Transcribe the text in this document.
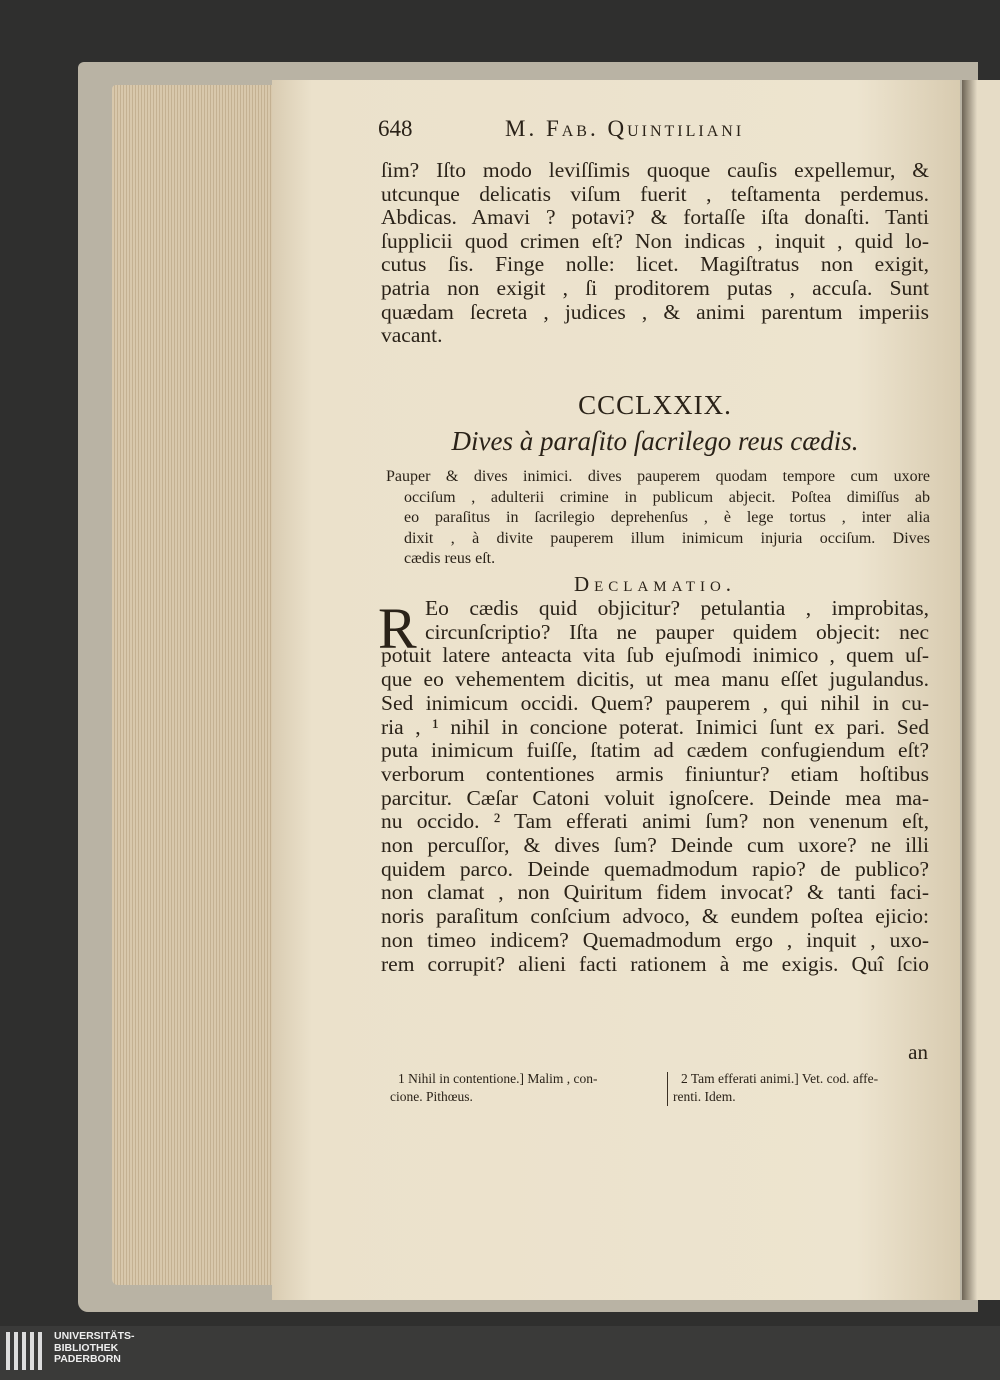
648	M. Fab. Quintiliani
ſim? Iſto modo leviſſimis quoque cauſis expellemur, &
utcunque delicatis viſum fuerit , teſtamenta perdemus.
Abdicas. Amavi ? potavi? & fortaſſe iſta donaſti. Tanti
ſupplicii quod crimen eſt? Non indicas , inquit , quid lo-
cutus ſis. Finge nolle: licet. Magiſtratus non exigit,
patria non exigit , ſi proditorem putas , accuſa. Sunt
quædam ſecreta , judices , & animi parentum imperiis
vacant.
CCCLXXIX.
Dives à paraſito ſacrilego reus cædis.
Pauper & dives inimici. dives pauperem quodam tempore cum uxore
occiſum , adulterii crimine in publicum abjecit. Poſtea dimiſſus ab
eo paraſitus in ſacrilegio deprehenſus , è lege tortus , inter alia
dixit , à divite pauperem illum inimicum injuria occiſum. Dives
cædis reus eſt.
Declamatio.
R Eo cædis quid objicitur? petulantia , improbitas,
circunſcriptio? Iſta ne pauper quidem objecit: nec
potuit latere anteacta vita ſub ejuſmodi inimico , quem uſ-
que eo vehementem dicitis, ut mea manu eſſet jugulandus.
Sed inimicum occidi. Quem? pauperem , qui nihil in cu-
ria , ¹ nihil in concione poterat. Inimici ſunt ex pari. Sed
puta inimicum fuiſſe, ſtatim ad cædem confugiendum eſt?
verborum contentiones armis finiuntur? etiam hoſtibus
parcitur. Cæſar Catoni voluit ignoſcere. Deinde mea ma-
nu occido. ² Tam efferati animi ſum? non venenum eſt,
non percuſſor, & dives ſum? Deinde cum uxore? ne illi
quidem parco. Deinde quemadmodum rapio? de publico?
non clamat , non Quiritum fidem invocat? & tanti faci-
noris paraſitum conſcium advoco, & eundem poſtea ejicio:
non timeo indicem? Quemadmodum ergo , inquit , uxo-
rem corrupit? alieni facti rationem à me exigis. Quî ſcio
an
1 Nihil in contentione.] Malim , con-
cione. Pithœus.
2 Tam efferati animi.] Vet. cod. affe-
renti. Idem.
UNIVERSITÄTS-
BIBLIOTHEK
PADERBORN
